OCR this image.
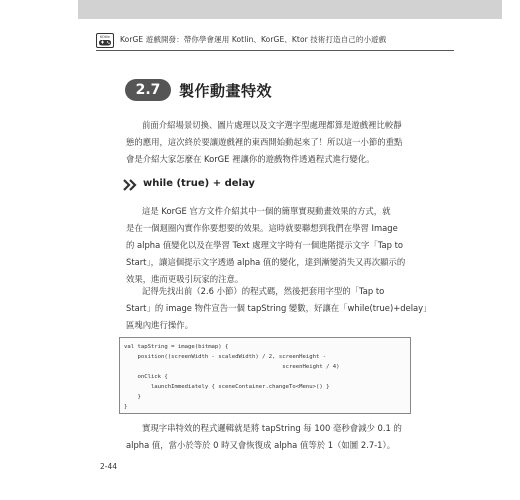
KOtlin KorGE 遊戲開發：帶你學會運用 Kotlin、KorGE、Ktor 技術打造自己的小遊戲
2.7	製作動畫特效
前面介紹場景切換、圖片處理以及文字選字型處理都算是遊戲裡比較靜
態的應用，這次終於要讓遊戲裡的東西開始動起來了！所以這一小節的重點
會是介紹大家怎麼在 KorGE 裡讓你的遊戲物件透過程式進行變化。
while (true) + delay
這是 KorGE 官方文件介紹其中一個的簡單實現動畫效果的方式，就
是在一個迴圈內實作你要想要的效果。這時就要聯想到我們在學習 Image
的 alpha 值變化以及在學習 Text 處理文字時有一個進階提示文字「Tap to
Start」，讓這個提示文字透過 alpha 值的變化，達到漸變消失又再次顯示的
效果，進而更吸引玩家的注意。
記得先找出前（2.6 小節）的程式碼，然後把套用字型的「Tap to
Start」的 image 物件宣告一個 tapString 變數，好讓在「while(true)+delay」
區塊內進行操作。
val tapString = image(bitmap) {
position((screenWidth - scaledWidth) / 2, screenHeight -
screenHeight / 4)
onClick {
launchImmediately { sceneContainer.changeTo<Menu>() }
}
}
實現字串特效的程式邏輯就是將 tapString 每 100 毫秒會減少 0.1 的
alpha 值，當小於等於 0 時又會恢復成 alpha 值等於 1（如圖 2.7-1）。
2-44
